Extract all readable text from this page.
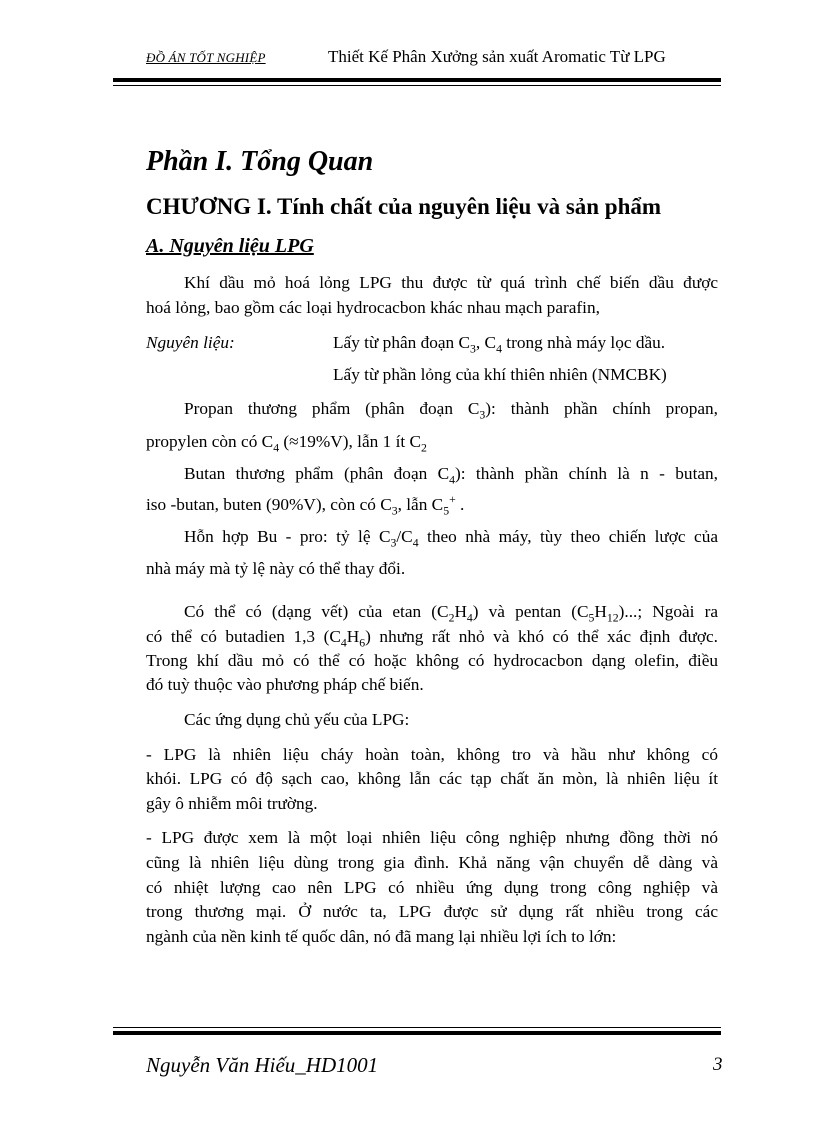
ĐỒ ÁN TỐT NGHIỆP	Thiết Kế Phân Xưởng sản xuất Aromatic Từ LPG
Phần I. Tổng Quan
CHƯƠNG I. Tính chất của nguyên liệu và sản phẩm
A. Nguyên liệu LPG
Khí dầu mỏ hoá lỏng LPG thu được từ quá trình chế biến dầu được
hoá lỏng, bao gồm các loại hydrocacbon khác nhau mạch parafin,
Nguyên liệu:	Lấy từ phân đoạn $C_3$, $C_4$ trong nhà máy lọc dầu.
Lấy từ phần lỏng của khí thiên nhiên (NMCBK)
Propan thương phẩm (phân đoạn $C_3$): thành phần chính propan,
propylen còn có $C_4$ (≈19%V), lẫn 1 ít $C_2$
Butan thương phẩm (phân đoạn $C_4$): thành phần chính là n - butan,
iso -butan, buten (90%V), còn có $C_3$, lẫn $C_5^+$ .
Hỗn hợp Bu - pro: tỷ lệ $C_3/C_4$ theo nhà máy, tùy theo chiến lược của
nhà máy mà tỷ lệ này có thể thay đổi.
Có thể có (dạng vết) của etan $(C_2H_4)$ và pentan $(C_5H_{12})$...; Ngoài ra
có thể có butadien 1,3 $(C_4H_6)$ nhưng rất nhỏ và khó có thể xác định được.
Trong khí dầu mỏ có thể có hoặc không có hydrocacbon dạng olefin, điều
đó tuỳ thuộc vào phương pháp chế biến.
Các ứng dụng chủ yếu của LPG:
- LPG là nhiên liệu cháy hoàn toàn, không tro và hầu như không có
khói. LPG có độ sạch cao, không lẫn các tạp chất ăn mòn, là nhiên liệu ít
gây ô nhiễm môi trường.
- LPG được xem là một loại nhiên liệu công nghiệp nhưng đồng thời nó
cũng là nhiên liệu dùng trong gia đình. Khả năng vận chuyển dễ dàng và
có nhiệt lượng cao nên LPG có nhiều ứng dụng trong công nghiệp và
trong thương mại. Ở nước ta, LPG được sử dụng rất nhiều trong các
ngành của nền kinh tế quốc dân, nó đã mang lại nhiều lợi ích to lớn:
Nguyễn Văn Hiếu_HD1001	3
